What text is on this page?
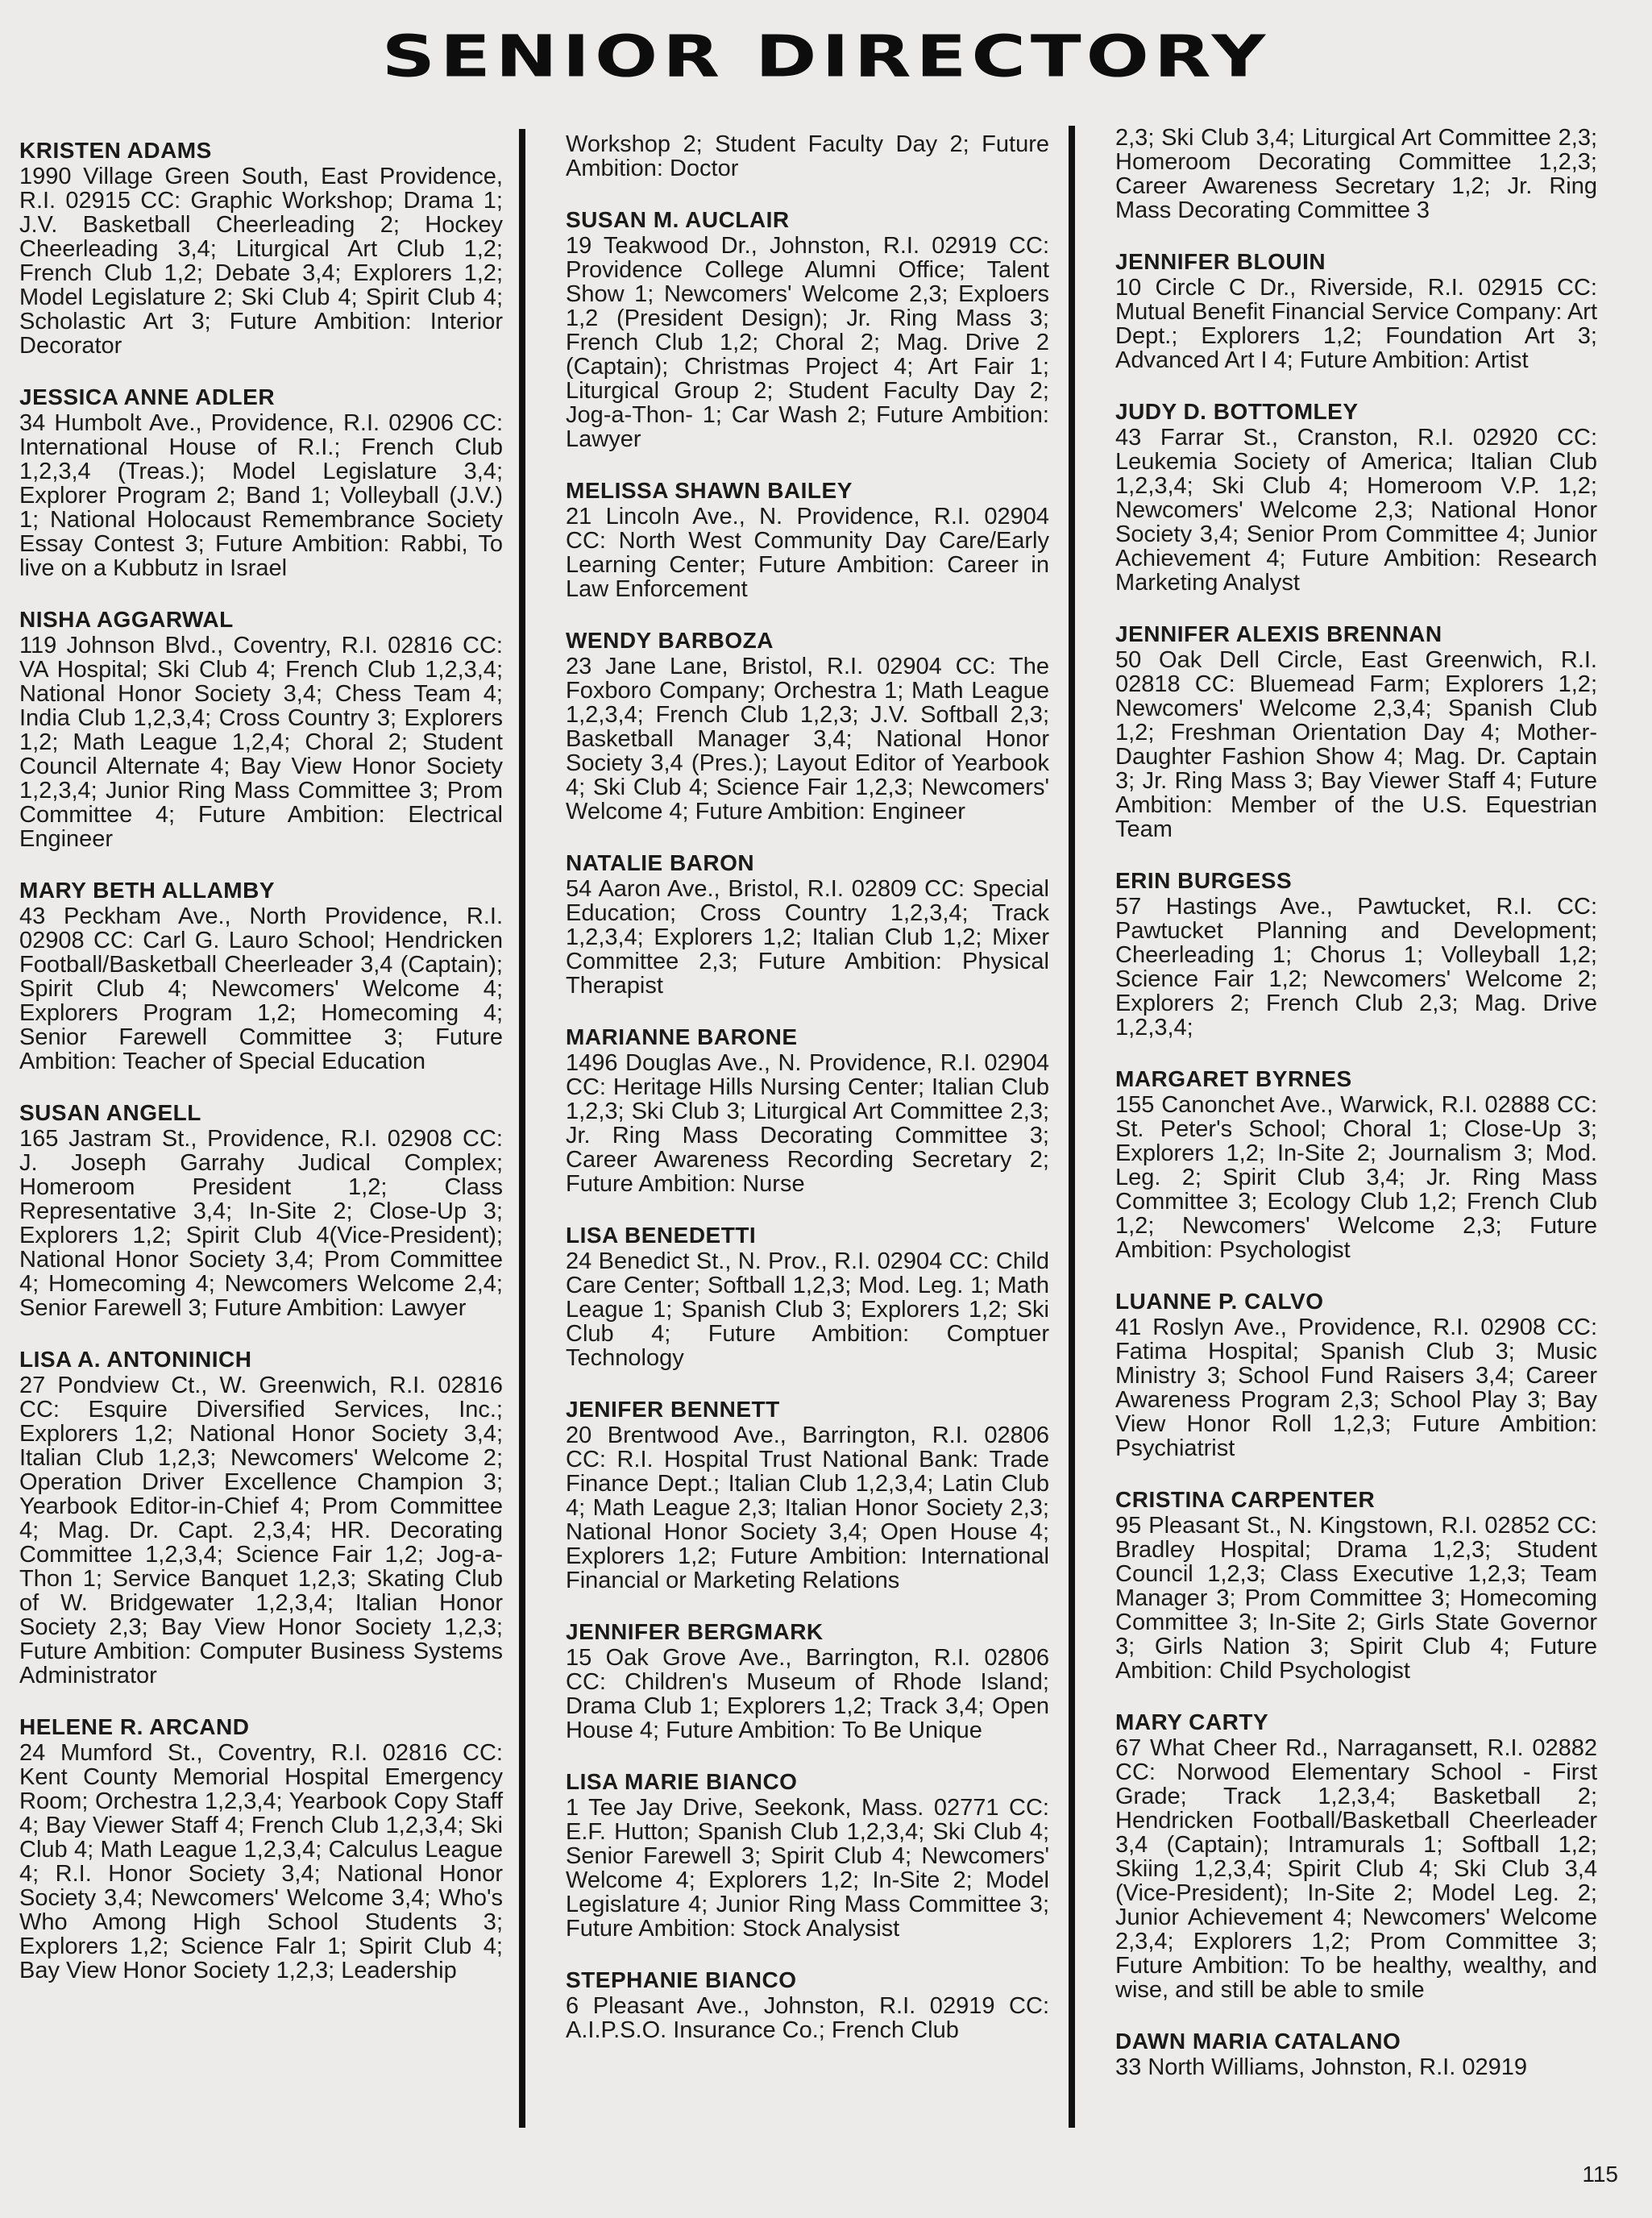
SENIOR DIRECTORY
KRISTEN ADAMS
1990 Village Green South, East Providence, R.I. 02915 CC: Graphic Workshop; Drama 1; J.V. Basketball Cheerleading 2; Hockey Cheerleading 3,4; Liturgical Art Club 1,2; French Club 1,2; Debate 3,4; Explorers 1,2; Model Legislature 2; Ski Club 4; Spirit Club 4; Scholastic Art 3; Future Ambition: Interior Decorator
JESSICA ANNE ADLER
34 Humbolt Ave., Providence, R.I. 02906 CC: International House of R.I.; French Club 1,2,3,4 (Treas.); Model Legislature 3,4; Explorer Program 2; Band 1; Volleyball (J.V.) 1; National Holocaust Remembrance Society Essay Contest 3; Future Ambition: Rabbi, To live on a Kubbutz in Israel
NISHA AGGARWAL
119 Johnson Blvd., Coventry, R.I. 02816 CC: VA Hospital; Ski Club 4; French Club 1,2,3,4; National Honor Society 3,4; Chess Team 4; India Club 1,2,3,4; Cross Country 3; Explorers 1,2; Math League 1,2,4; Choral 2; Student Council Alternate 4; Bay View Honor Society 1,2,3,4; Junior Ring Mass Committee 3; Prom Committee 4; Future Ambition: Electrical Engineer
MARY BETH ALLAMBY
43 Peckham Ave., North Providence, R.I. 02908 CC: Carl G. Lauro School; Hendricken Football/Basketball Cheerleader 3,4 (Captain); Spirit Club 4; Newcomers' Welcome 4; Explorers Program 1,2; Homecoming 4; Senior Farewell Committee 3; Future Ambition: Teacher of Special Education
SUSAN ANGELL
165 Jastram St., Providence, R.I. 02908 CC: J. Joseph Garrahy Judical Complex; Homeroom President 1,2; Class Representative 3,4; In-Site 2; Close-Up 3; Explorers 1,2; Spirit Club 4(Vice-President); National Honor Society 3,4; Prom Committee 4; Homecoming 4; Newcomers Welcome 2,4; Senior Farewell 3; Future Ambition: Lawyer
LISA A. ANTONINICH
27 Pondview Ct., W. Greenwich, R.I. 02816 CC: Esquire Diversified Services, Inc.; Explorers 1,2; National Honor Society 3,4; Italian Club 1,2,3; Newcomers' Welcome 2; Operation Driver Excellence Champion 3; Yearbook Editor-in-Chief 4; Prom Committee 4; Mag. Dr. Capt. 2,3,4; HR. Decorating Committee 1,2,3,4; Science Fair 1,2; Jog-a-Thon 1; Service Banquet 1,2,3; Skating Club of W. Bridgewater 1,2,3,4; Italian Honor Society 2,3; Bay View Honor Society 1,2,3; Future Ambition: Computer Business Systems Administrator
HELENE R. ARCAND
24 Mumford St., Coventry, R.I. 02816 CC: Kent County Memorial Hospital Emergency Room; Orchestra 1,2,3,4; Yearbook Copy Staff 4; Bay Viewer Staff 4; French Club 1,2,3,4; Ski Club 4; Math League 1,2,3,4; Calculus League 4; R.I. Honor Society 3,4; National Honor Society 3,4; Newcomers' Welcome 3,4; Who's Who Among High School Students 3; Explorers 1,2; Science Falr 1; Spirit Club 4; Bay View Honor Society 1,2,3; Leadership
Workshop 2; Student Faculty Day 2; Future Ambition: Doctor
SUSAN M. AUCLAIR
19 Teakwood Dr., Johnston, R.I. 02919 CC: Providence College Alumni Office; Talent Show 1; Newcomers' Welcome 2,3; Exploers 1,2 (President Design); Jr. Ring Mass 3; French Club 1,2; Choral 2; Mag. Drive 2 (Captain); Christmas Project 4; Art Fair 1; Liturgical Group 2; Student Faculty Day 2; Jog-a-Thon- 1; Car Wash 2; Future Ambition: Lawyer
MELISSA SHAWN BAILEY
21 Lincoln Ave., N. Providence, R.I. 02904 CC: North West Community Day Care/Early Learning Center; Future Ambition: Career in Law Enforcement
WENDY BARBOZA
23 Jane Lane, Bristol, R.I. 02904 CC: The Foxboro Company; Orchestra 1; Math League 1,2,3,4; French Club 1,2,3; J.V. Softball 2,3; Basketball Manager 3,4; National Honor Society 3,4 (Pres.); Layout Editor of Yearbook 4; Ski Club 4; Science Fair 1,2,3; Newcomers' Welcome 4; Future Ambition: Engineer
NATALIE BARON
54 Aaron Ave., Bristol, R.I. 02809 CC: Special Education; Cross Country 1,2,3,4; Track 1,2,3,4; Explorers 1,2; Italian Club 1,2; Mixer Committee 2,3; Future Ambition: Physical Therapist
MARIANNE BARONE
1496 Douglas Ave., N. Providence, R.I. 02904 CC: Heritage Hills Nursing Center; Italian Club 1,2,3; Ski Club 3; Liturgical Art Committee 2,3; Jr. Ring Mass Decorating Committee 3; Career Awareness Recording Secretary 2; Future Ambition: Nurse
LISA BENEDETTI
24 Benedict St., N. Prov., R.I. 02904 CC: Child Care Center; Softball 1,2,3; Mod. Leg. 1; Math League 1; Spanish Club 3; Explorers 1,2; Ski Club 4; Future Ambition: Comptuer Technology
JENIFER BENNETT
20 Brentwood Ave., Barrington, R.I. 02806 CC: R.I. Hospital Trust National Bank: Trade Finance Dept.; Italian Club 1,2,3,4; Latin Club 4; Math League 2,3; Italian Honor Society 2,3; National Honor Society 3,4; Open House 4; Explorers 1,2; Future Ambition: International Financial or Marketing Relations
JENNIFER BERGMARK
15 Oak Grove Ave., Barrington, R.I. 02806 CC: Children's Museum of Rhode Island; Drama Club 1; Explorers 1,2; Track 3,4; Open House 4; Future Ambition: To Be Unique
LISA MARIE BIANCO
1 Tee Jay Drive, Seekonk, Mass. 02771 CC: E.F. Hutton; Spanish Club 1,2,3,4; Ski Club 4; Senior Farewell 3; Spirit Club 4; Newcomers' Welcome 4; Explorers 1,2; In-Site 2; Model Legislature 4; Junior Ring Mass Committee 3; Future Ambition: Stock Analysist
STEPHANIE BIANCO
6 Pleasant Ave., Johnston, R.I. 02919 CC: A.I.P.S.O. Insurance Co.; French Club
2,3; Ski Club 3,4; Liturgical Art Committee 2,3; Homeroom Decorating Committee 1,2,3; Career Awareness Secretary 1,2; Jr. Ring Mass Decorating Committee 3
JENNIFER BLOUIN
10 Circle C Dr., Riverside, R.I. 02915 CC: Mutual Benefit Financial Service Company: Art Dept.; Explorers 1,2; Foundation Art 3; Advanced Art I 4; Future Ambition: Artist
JUDY D. BOTTOMLEY
43 Farrar St., Cranston, R.I. 02920 CC: Leukemia Society of America; Italian Club 1,2,3,4; Ski Club 4; Homeroom V.P. 1,2; Newcomers' Welcome 2,3; National Honor Society 3,4; Senior Prom Committee 4; Junior Achievement 4; Future Ambition: Research Marketing Analyst
JENNIFER ALEXIS BRENNAN
50 Oak Dell Circle, East Greenwich, R.I. 02818 CC: Bluemead Farm; Explorers 1,2; Newcomers' Welcome 2,3,4; Spanish Club 1,2; Freshman Orientation Day 4; Mother-Daughter Fashion Show 4; Mag. Dr. Captain 3; Jr. Ring Mass 3; Bay Viewer Staff 4; Future Ambition: Member of the U.S. Equestrian Team
ERIN BURGESS
57 Hastings Ave., Pawtucket, R.I. CC: Pawtucket Planning and Development; Cheerleading 1; Chorus 1; Volleyball 1,2; Science Fair 1,2; Newcomers' Welcome 2; Explorers 2; French Club 2,3; Mag. Drive 1,2,3,4;
MARGARET BYRNES
155 Canonchet Ave., Warwick, R.I. 02888 CC: St. Peter's School; Choral 1; Close-Up 3; Explorers 1,2; In-Site 2; Journalism 3; Mod. Leg. 2; Spirit Club 3,4; Jr. Ring Mass Committee 3; Ecology Club 1,2; French Club 1,2; Newcomers' Welcome 2,3; Future Ambition: Psychologist
LUANNE P. CALVO
41 Roslyn Ave., Providence, R.I. 02908 CC: Fatima Hospital; Spanish Club 3; Music Ministry 3; School Fund Raisers 3,4; Career Awareness Program 2,3; School Play 3; Bay View Honor Roll 1,2,3; Future Ambition: Psychiatrist
CRISTINA CARPENTER
95 Pleasant St., N. Kingstown, R.I. 02852 CC: Bradley Hospital; Drama 1,2,3; Student Council 1,2,3; Class Executive 1,2,3; Team Manager 3; Prom Committee 3; Homecoming Committee 3; In-Site 2; Girls State Governor 3; Girls Nation 3; Spirit Club 4; Future Ambition: Child Psychologist
MARY CARTY
67 What Cheer Rd., Narragansett, R.I. 02882 CC: Norwood Elementary School - First Grade; Track 1,2,3,4; Basketball 2; Hendricken Football/Basketball Cheerleader 3,4 (Captain); Intramurals 1; Softball 1,2; Skiing 1,2,3,4; Spirit Club 4; Ski Club 3,4 (Vice-President); In-Site 2; Model Leg. 2; Junior Achievement 4; Newcomers' Welcome 2,3,4; Explorers 1,2; Prom Committee 3; Future Ambition: To be healthy, wealthy, and wise, and still be able to smile
DAWN MARIA CATALANO
33 North Williams, Johnston, R.I. 02919
115
